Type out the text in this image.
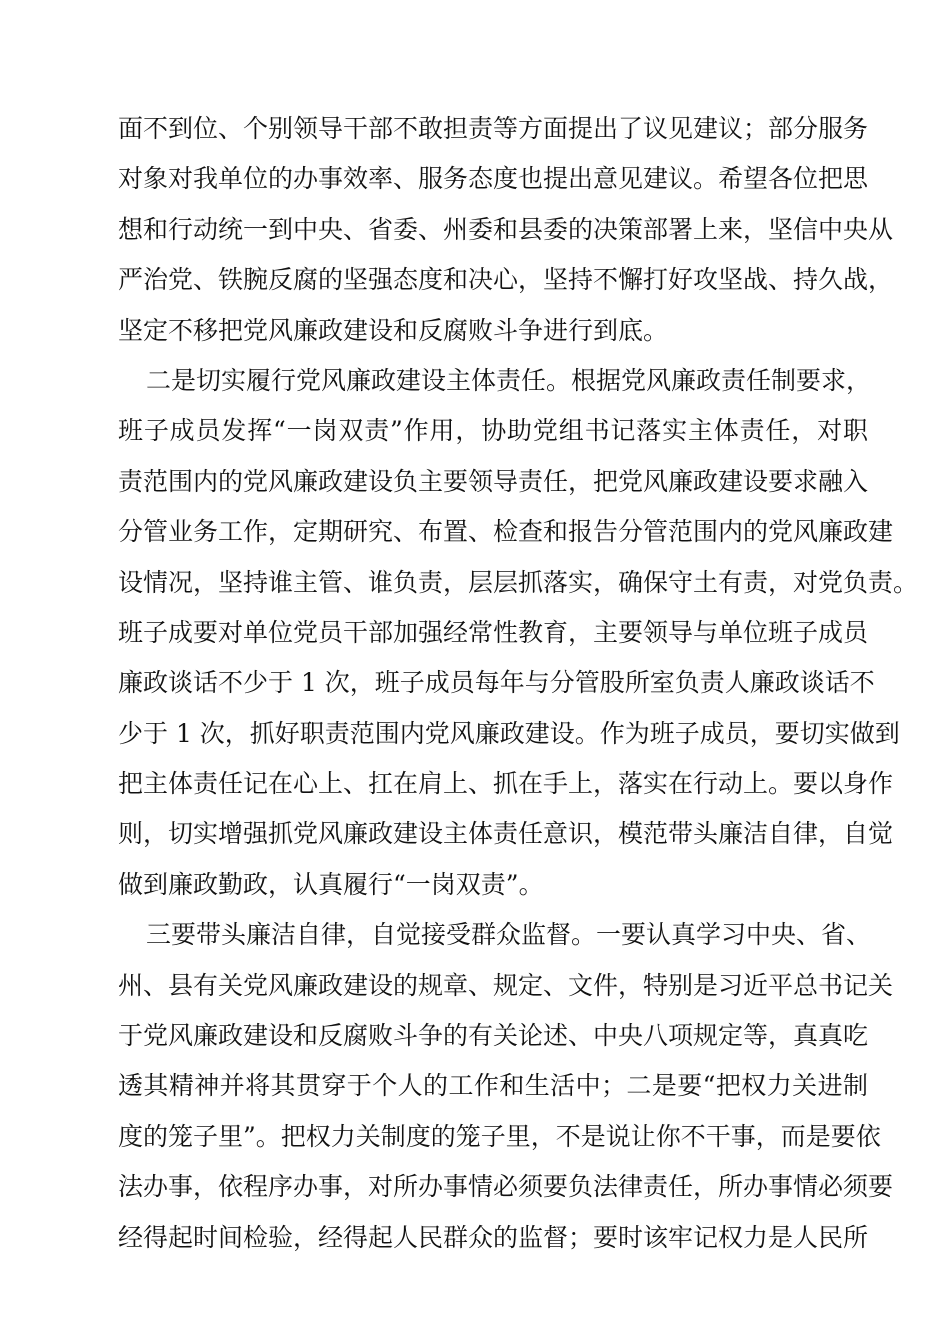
面不到位、个别领导干部不敢担责等方面提出了议见建议；部分服务
对象对我单位的办事效率、服务态度也提出意见建议。希望各位把思
想和行动统一到中央、省委、州委和县委的决策部署上来，坚信中央从
严治党、铁腕反腐的坚强态度和决心，坚持不懈打好攻坚战、持久战，
坚定不移把党风廉政建设和反腐败斗争进行到底。
二是切实履行党风廉政建设主体责任。根据党风廉政责任制要求，
班子成员发挥“一岗双责”作用，协助党组书记落实主体责任，对职
责范围内的党风廉政建设负主要领导责任，把党风廉政建设要求融入
分管业务工作，定期研究、布置、检查和报告分管范围内的党风廉政建
设情况，坚持谁主管、谁负责，层层抓落实，确保守土有责，对党负责。
班子成要对单位党员干部加强经常性教育，主要领导与单位班子成员
廉政谈话不少于 1 次，班子成员每年与分管股所室负责人廉政谈话不
少于 1 次，抓好职责范围内党风廉政建设。作为班子成员，要切实做到
把主体责任记在心上、扛在肩上、抓在手上，落实在行动上。要以身作
则，切实增强抓党风廉政建设主体责任意识，模范带头廉洁自律，自觉
做到廉政勤政，认真履行“一岗双责”。
三要带头廉洁自律，自觉接受群众监督。一要认真学习中央、省、
州、县有关党风廉政建设的规章、规定、文件，特别是习近平总书记关
于党风廉政建设和反腐败斗争的有关论述、中央八项规定等，真真吃
透其精神并将其贯穿于个人的工作和生活中；二是要“把权力关进制
度的笼子里”。把权力关制度的笼子里，不是说让你不干事，而是要依
法办事，依程序办事，对所办事情必须要负法律责任，所办事情必须要
经得起时间检验，经得起人民群众的监督；要时该牢记权力是人民所
